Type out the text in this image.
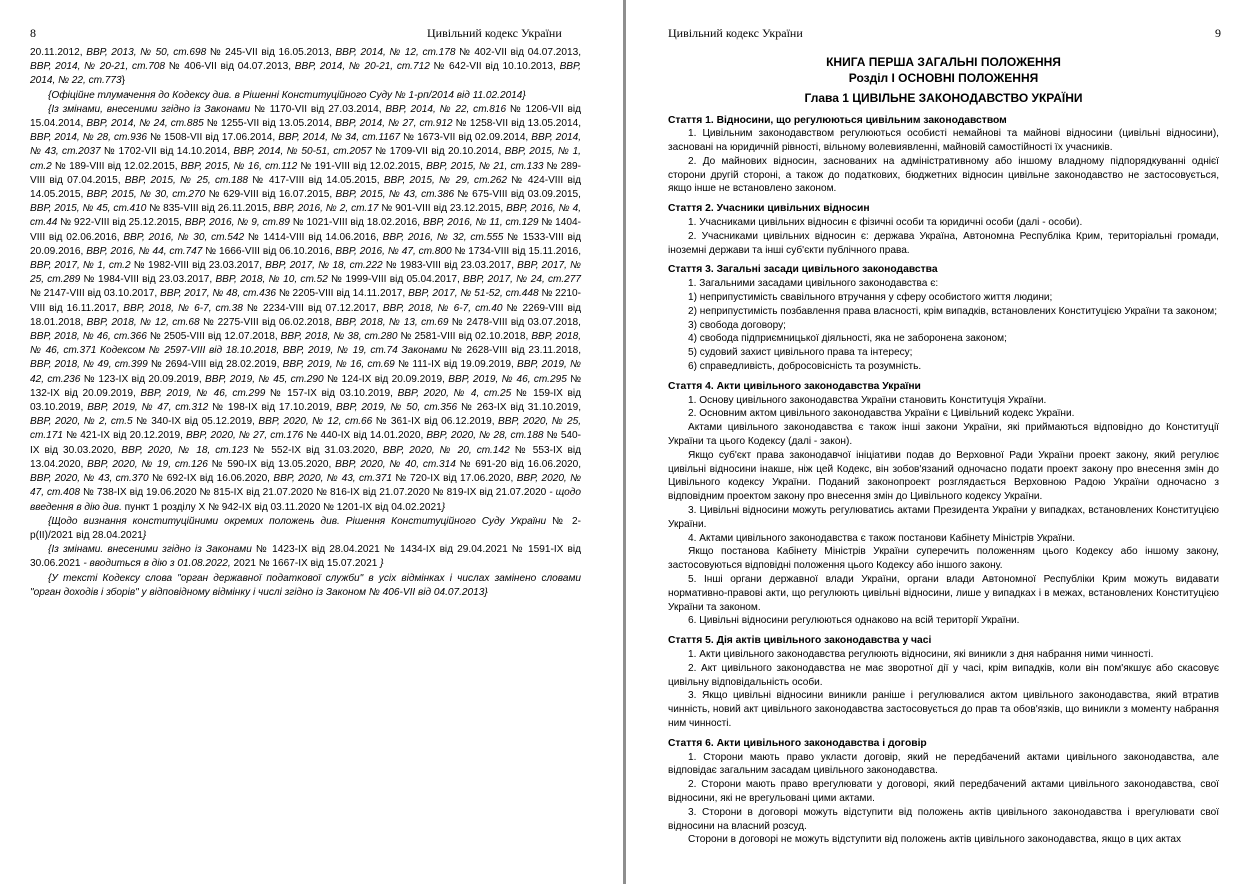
8	Цивільний кодекс України

20.11.2012, ВВР, 2013, № 50, ст.698 № 245-VII від 16.05.2013, ВВР, 2014, № 12, ст.178 № 402-VII від 04.07.2013, ВВР, 2014, № 20-21, ст.708 № 406-VII від 04.07.2013, ВВР, 2014, № 20-21, ст.712 № 642-VII від 10.10.2013, ВВР, 2014, № 22, ст.773}

{Офіційне тлумачення до Кодексу див. в Рішенні Конституційного Суду № 1-рп/2014 від 11.02.2014}

{Із змінами, внесеними згідно із Законами № 1170-VII від 27.03.2014, ВВР, 2014, № 22, ст.816 № 1206-VII від 15.04.2014, ВВР, 2014, № 24, ст.885 № 1255-VII від 13.05.2014, ВВР, 2014, № 27, ст.912 № 1258-VII від 13.05.2014, ВВР, 2014, № 28, ст.936 № 1508-VII від 17.06.2014, ВВР, 2014, № 34, ст.1167 № 1673-VII від 02.09.2014, ВВР, 2014, № 43, ст.2037 № 1702-VII від 14.10.2014, ВВР, 2014, № 50-51, ст.2057 № 1709-VII від 20.10.2014, ВВР, 2015, № 1, ст.2 № 189-VIII від 12.02.2015, ВВР, 2015, № 16, ст.112 № 191-VIII від 12.02.2015, ВВР, 2015, № 21, ст.133 № 289-VIII від 07.04.2015, ВВР, 2015, № 25, ст.188 № 417-VIII від 14.05.2015, ВВР, 2015, № 29, ст.262 № 424-VIII від 14.05.2015, ВВР, 2015, № 30, ст.270 № 629-VIII від 16.07.2015, ВВР, 2015, № 43, ст.386 № 675-VIII від 03.09.2015, ВВР, 2015, № 45, ст.410 № 835-VIII від 26.11.2015, ВВР, 2016, № 2, ст.17 № 901-VIII від 23.12.2015, ВВР, 2016, № 4, ст.44 № 922-VIII від 25.12.2015, ВВР, 2016, № 9, ст.89 № 1021-VIII від 18.02.2016, ВВР, 2016, № 11, ст.129 № 1404-VIII від 02.06.2016, ВВР, 2016, № 30, ст.542 № 1414-VIII від 14.06.2016, ВВР, 2016, № 32, ст.555 № 1533-VIII від 20.09.2016, ВВР, 2016, № 44, ст.747 № 1666-VIII від 06.10.2016, ВВР, 2016, № 47, ст.800 № 1734-VIII від 15.11.2016, ВВР, 2017, № 1, ст.2 № 1982-VIII від 23.03.2017, ВВР, 2017, № 18, ст.222 № 1983-VIII від 23.03.2017, ВВР, 2017, № 25, ст.289 № 1984-VIII від 23.03.2017, ВВР, 2018, № 10, ст.52 № 1999-VIII від 05.04.2017, ВВР, 2017, № 24, ст.277 № 2147-VIII від 03.10.2017, ВВР, 2017, № 48, ст.436 № 2205-VIII від 14.11.2017, ВВР, 2017, № 51-52, ст.448 № 2210-VIII від 16.11.2017, ВВР, 2018, № 6-7, ст.38 № 2234-VIII від 07.12.2017, ВВР, 2018, № 6-7, ст.40 № 2269-VIII від 18.01.2018, ВВР, 2018, № 12, ст.68 № 2275-VIII від 06.02.2018, ВВР, 2018, № 13, ст.69 № 2478-VIII від 03.07.2018, ВВР, 2018, № 46, ст.366 № 2505-VIII від 12.07.2018, ВВР, 2018, № 38, ст.280 № 2581-VIII від 02.10.2018, ВВР, 2018, № 46, ст.371 Кодексом № 2597-VIII від 18.10.2018, ВВР, 2019, № 19, ст.74 Законами № 2628-VIII від 23.11.2018, ВВР, 2018, № 49, ст.399 № 2694-VIII від 28.02.2019, ВВР, 2019, № 16, ст.69 № 111-IX від 19.09.2019, ВВР, 2019, № 42, ст.236 № 123-IX від 20.09.2019, ВВР, 2019, № 45, ст.290 № 124-IX від 20.09.2019, ВВР, 2019, № 46, ст.295 № 132-IX від 20.09.2019, ВВР, 2019, № 46, ст.299 № 157-IX від 03.10.2019, ВВР, 2020, № 4, ст.25 № 159-IX від 03.10.2019, ВВР, 2019, № 47, ст.312 № 198-IX від 17.10.2019, ВВР, 2019, № 50, ст.356 № 263-IX від 31.10.2019, ВВР, 2020, № 2, ст.5 № 340-IX від 05.12.2019, ВВР, 2020, № 12, ст.66 № 361-IX від 06.12.2019, ВВР, 2020, № 25, ст.171 № 421-IX від 20.12.2019, ВВР, 2020, № 27, ст.176 № 440-IX від 14.01.2020, ВВР, 2020, № 28, ст.188 № 540-IX від 30.03.2020, ВВР, 2020, № 18, ст.123 № 552-IX від 31.03.2020, ВВР, 2020, № 20, ст.142 № 553-IX від 13.04.2020, ВВР, 2020, № 19, ст.126 № 590-IX від 13.05.2020, ВВР, 2020, № 40, ст.314 № 691-20 від 16.06.2020, ВВР, 2020, № 43, ст.370 № 692-IX від 16.06.2020, ВВР, 2020, № 43, ст.371 № 720-IX від 17.06.2020, ВВР, 2020, № 47, ст.408 № 738-IX від 19.06.2020 № 815-IX від 21.07.2020 № 816-IX від 21.07.2020 № 819-IX від 21.07.2020 - щодо введення в дію див. пункт 1 розділу X № 942-IX від 03.11.2020 № 1201-IX від 04.02.2021}

{Щодо визнання конституційними окремих положень див. Рішення Конституційного Суду України № 2-р(II)/2021 від 28.04.2021}

{Із змінами. внесеними згідно із Законами № 1423-IX від 28.04.2021 № 1434-IX від 29.04.2021 № 1591-IX від 30.06.2021 - вводиться в дію з 01.08.2022, 2021 № 1667-IX від 15.07.2021 }

{У тексті Кодексу слова "орган державної податкової служби" в усіх відмінках і числах замінено словами "орган доходів і зборів" у відповідному відмінку і числі згідно із Законом № 406-VII від 04.07.2013}

Цивільний кодекс України	9

КНИГА ПЕРША ЗАГАЛЬНІ ПОЛОЖЕННЯ

Розділ I ОСНОВНІ ПОЛОЖЕННЯ

Глава 1 ЦИВІЛЬНЕ ЗАКОНОДАВСТВО УКРАЇНИ

Стаття 1. Відносини, що регулюються цивільним законодавством

1. Цивільним законодавством регулюються особисті немайнові та майнові відносини (цивільні відносини), засновані на юридичній рівності, вільному волевиявленні, майновій самостійності їх учасників.

2. До майнових відносин, заснованих на адміністративному або іншому владному підпорядкуванні однієї сторони другій стороні, а також до податкових, бюджетних відносин цивільне законодавство не застосовується, якщо інше не встановлено законом.

Стаття 2. Учасники цивільних відносин

1. Учасниками цивільних відносин є фізичні особи та юридичні особи (далі - особи).

2. Учасниками цивільних відносин є: держава Україна, Автономна Республіка Крим, територіальні громади, іноземні держави та інші суб'єкти публічного права.

Стаття 3. Загальні засади цивільного законодавства

1. Загальними засадами цивільного законодавства є:

1) неприпустимість свавільного втручання у сферу особистого життя людини;

2) неприпустимість позбавлення права власності, крім випадків, встановлених Конституцією України та законом;

3) свобода договору;

4) свобода підприємницької діяльності, яка не заборонена законом;

5) судовий захист цивільного права та інтересу;

6) справедливість, добросовісність та розумність.

Стаття 4. Акти цивільного законодавства України

1. Основу цивільного законодавства України становить Конституція України.

2. Основним актом цивільного законодавства України є Цивільний кодекс України.

Актами цивільного законодавства є також інші закони України, які приймаються відповідно до Конституції України та цього Кодексу (далі - закон).

Якщо суб'єкт права законодавчої ініціативи подав до Верховної Ради України проект закону, який регулює цивільні відносини інакше, ніж цей Кодекс, він зобов'язаний одночасно подати проект закону про внесення змін до Цивільного кодексу України. Поданий законопроект розглядається Верховною Радою України одночасно з відповідним проектом закону про внесення змін до Цивільного кодексу України.

3. Цивільні відносини можуть регулюватись актами Президента України у випадках, встановлених Конституцією України.

4. Актами цивільного законодавства є також постанови Кабінету Міністрів України.

Якщо постанова Кабінету Міністрів України суперечить положенням цього Кодексу або іншому закону, застосовуються відповідні положення цього Кодексу або іншого закону.

5. Інші органи державної влади України, органи влади Автономної Республіки Крим можуть видавати нормативно-правові акти, що регулюють цивільні відносини, лише у випадках і в межах, встановлених Конституцією України та законом.

6. Цивільні відносини регулюються однаково на всій території України.

Стаття 5. Дія актів цивільного законодавства у часі

1. Акти цивільного законодавства регулюють відносини, які виникли з дня набрання ними чинності.

2. Акт цивільного законодавства не має зворотної дії у часі, крім випадків, коли він пом'якшує або скасовує цивільну відповідальність особи.

3. Якщо цивільні відносини виникли раніше і регулювалися актом цивільного законодавства, який втратив чинність, новий акт цивільного законодавства застосовується до прав та обов'язків, що виникли з моменту набрання ним чинності.

Стаття 6. Акти цивільного законодавства і договір

1. Сторони мають право укласти договір, який не передбачений актами цивільного законодавства, але відповідає загальним засадам цивільного законодавства.

2. Сторони мають право врегулювати у договорі, який передбачений актами цивільного законодавства, свої відносини, які не врегульовані цими актами.

3. Сторони в договорі можуть відступити від положень актів цивільного законодавства і врегулювати свої відносини на власний розсуд.

Сторони в договорі не можуть відступити від положень актів цивільного законодавства, якщо в цих актах
